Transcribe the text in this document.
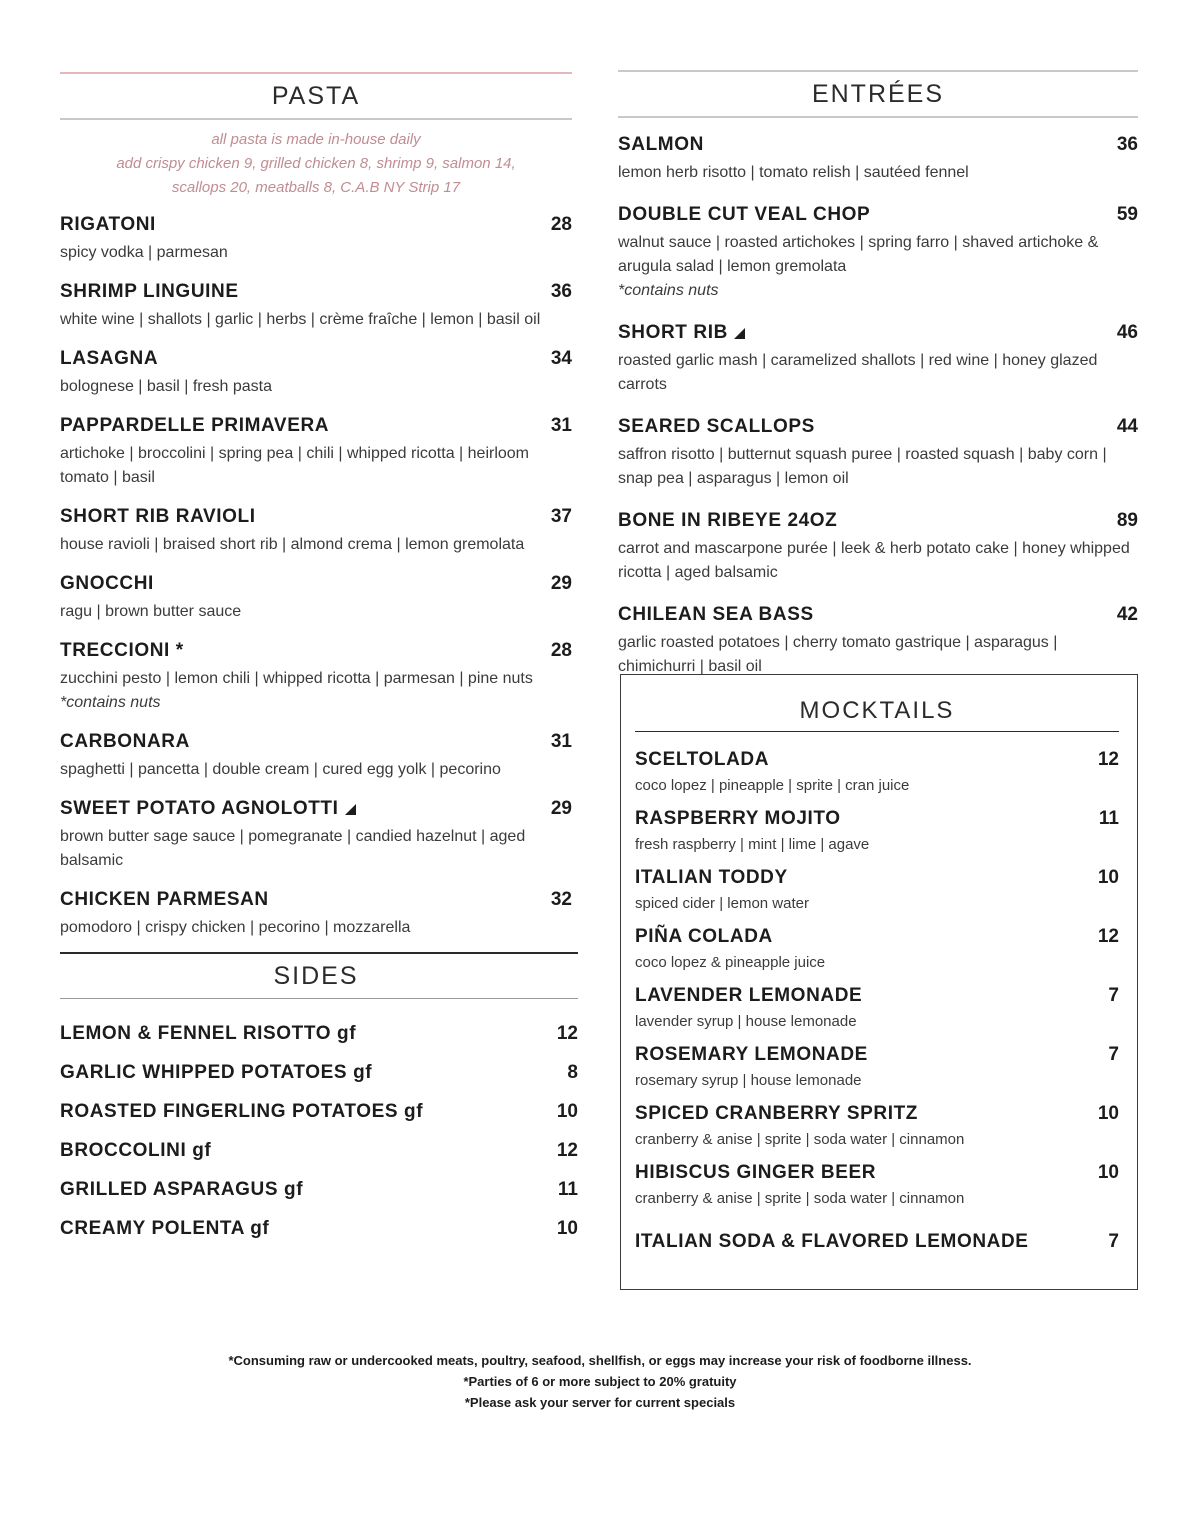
PASTA
all pasta is made in-house daily
add crispy chicken 9, grilled chicken 8, shrimp 9, salmon 14,
scallops 20, meatballs 8, C.A.B NY Strip 17
RIGATONI	28
spicy vodka | parmesan
SHRIMP LINGUINE	36
white wine | shallots | garlic | herbs | crème fraîche | lemon | basil oil
LASAGNA	34
bolognese | basil | fresh pasta
PAPPARDELLE PRIMAVERA	31
artichoke | broccolini | spring pea | chili | whipped ricotta | heirloom tomato | basil
SHORT RIB RAVIOLI	37
house ravioli | braised short rib | almond crema | lemon gremolata
GNOCCHI	29
ragu | brown butter sauce
TRECCIONI *	28
zucchini pesto | lemon chili | whipped ricotta | parmesan | pine nuts
*contains nuts
CARBONARA	31
spaghetti | pancetta | double cream | cured egg yolk | pecorino
SWEET POTATO AGNOLOTTI	29
brown butter sage sauce | pomegranate | candied hazelnut | aged balsamic
CHICKEN PARMESAN	32
pomodoro | crispy chicken | pecorino | mozzarella
SIDES
LEMON & FENNEL RISOTTO gf	12
GARLIC WHIPPED POTATOES gf	8
ROASTED FINGERLING POTATOES gf	10
BROCCOLINI gf	12
GRILLED ASPARAGUS gf	11
CREAMY POLENTA gf	10
ENTRÉES
SALMON	36
lemon herb risotto | tomato relish | sautéed fennel
DOUBLE CUT VEAL CHOP	59
walnut sauce | roasted artichokes | spring farro | shaved artichoke & arugula salad | lemon gremolata
*contains nuts
SHORT RIB	46
roasted garlic mash | caramelized shallots | red wine | honey glazed carrots
SEARED SCALLOPS	44
saffron risotto | butternut squash puree | roasted squash | baby corn | snap pea | asparagus | lemon oil
BONE IN RIBEYE 24OZ	89
carrot and mascarpone purée | leek & herb potato cake | honey whipped ricotta | aged balsamic
CHILEAN SEA BASS	42
garlic roasted potatoes | cherry tomato gastrique | asparagus | chimichurri | basil oil
MOCKTAILS
SCELTOLADA	12
coco lopez | pineapple | sprite | cran juice
RASPBERRY MOJITO	11
fresh raspberry | mint | lime | agave
ITALIAN TODDY	10
spiced cider | lemon water
PIÑA COLADA	12
coco lopez & pineapple juice
LAVENDER LEMONADE	7
lavender syrup | house lemonade
ROSEMARY LEMONADE	7
rosemary syrup | house lemonade
SPICED CRANBERRY SPRITZ	10
cranberry & anise | sprite | soda water | cinnamon
HIBISCUS GINGER BEER	10
cranberry & anise | sprite | soda water | cinnamon
ITALIAN SODA & FLAVORED LEMONADE	7
*Consuming raw or undercooked meats, poultry, seafood, shellfish, or eggs may increase your risk of foodborne illness.
*Parties of 6 or more subject to 20% gratuity
*Please ask your server for current specials
